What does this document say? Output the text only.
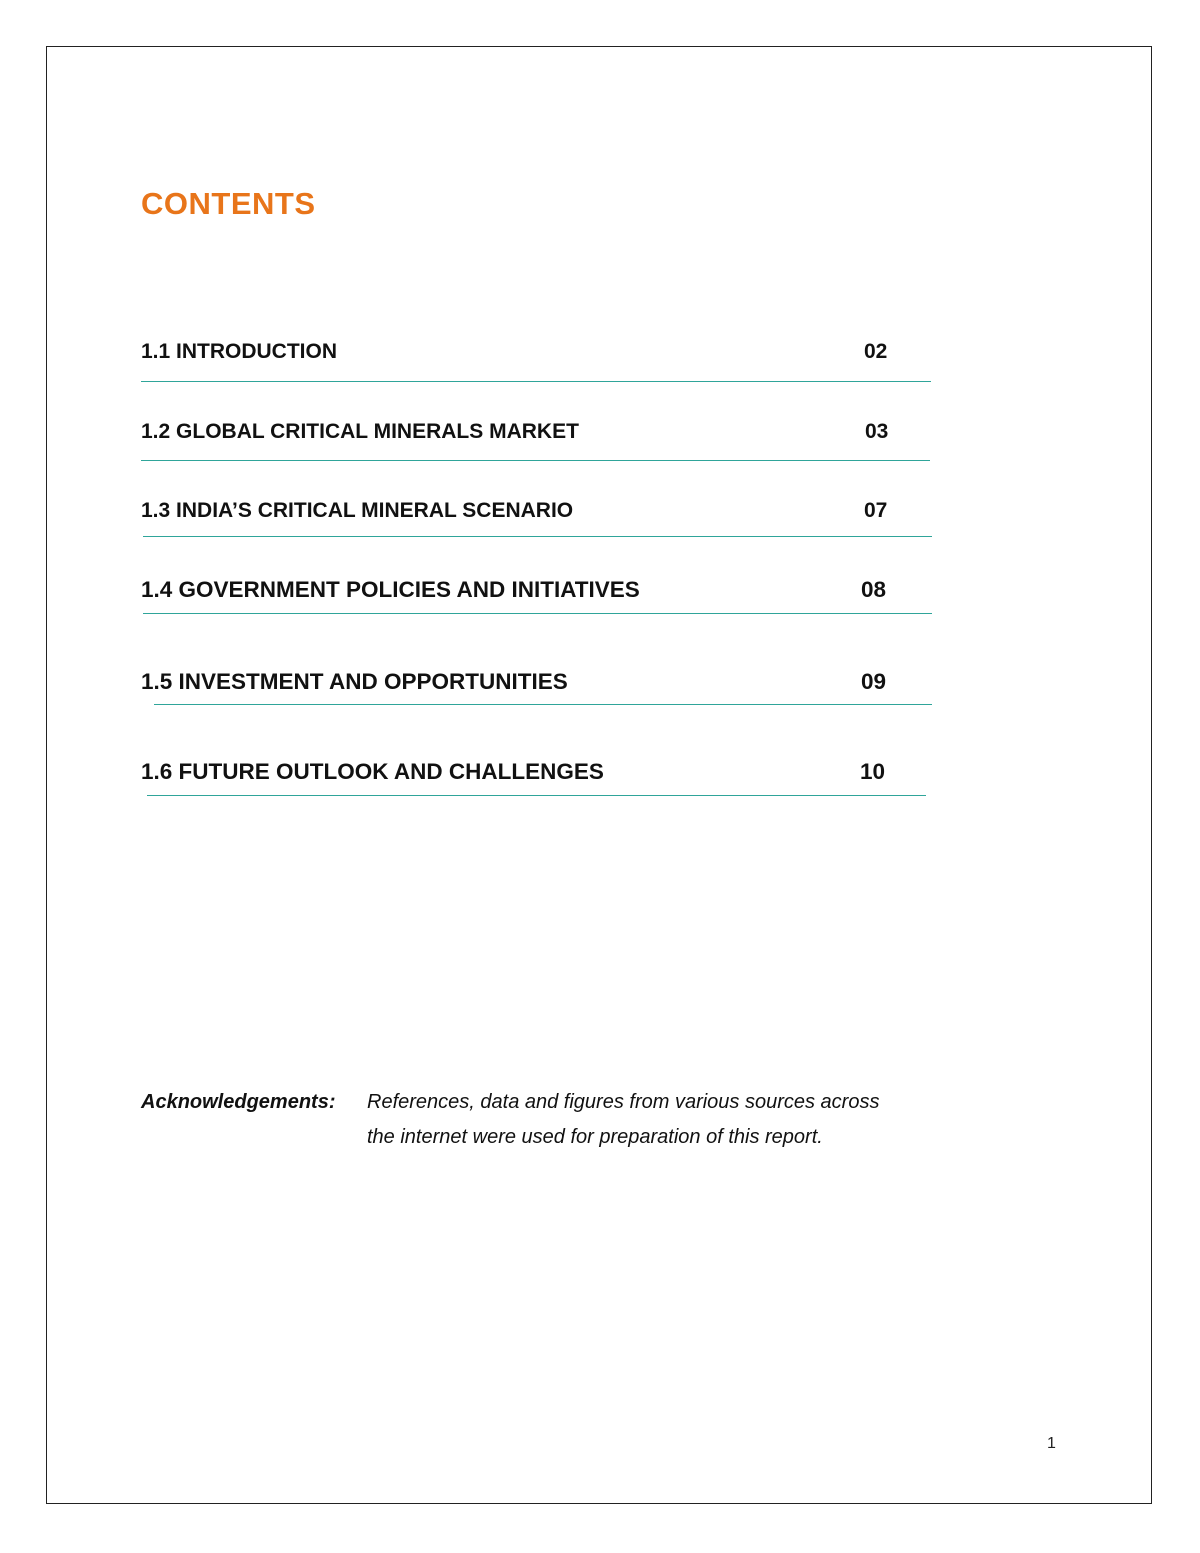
CONTENTS
1.1 INTRODUCTION	02
1.2 GLOBAL CRITICAL MINERALS MARKET	03
1.3 INDIA’S CRITICAL MINERAL SCENARIO	07
1.4 GOVERNMENT POLICIES AND INITIATIVES	08
1.5 INVESTMENT AND OPPORTUNITIES	09
1.6 FUTURE OUTLOOK AND CHALLENGES	10
Acknowledgements: References, data and figures from various sources across
the internet were used for preparation of this report.
1
